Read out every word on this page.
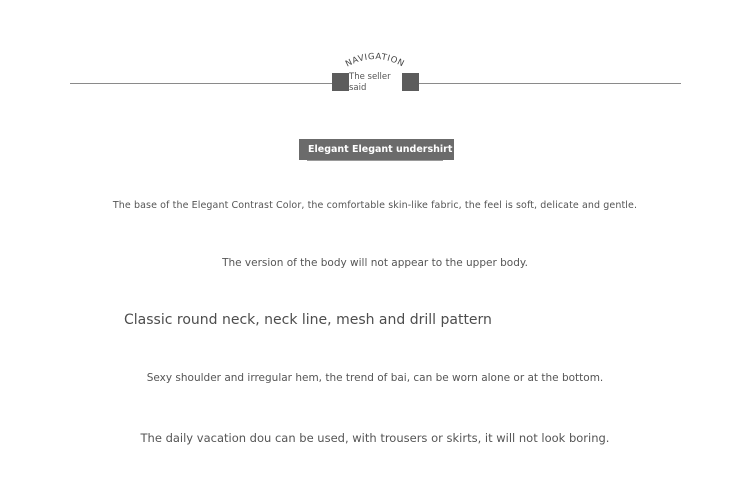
NAVIGATION
The seller said
Elegant Elegant undershirt
The base of the Elegant Contrast Color, the comfortable skin-like fabric, the feel is soft, delicate and gentle.
The version of the body will not appear to the upper body.
Classic round neck, neck line, mesh and drill pattern
Sexy shoulder and irregular hem, the trend of bai, can be worn alone or at the bottom.
The daily vacation dou can be used, with trousers or skirts, it will not look boring.
